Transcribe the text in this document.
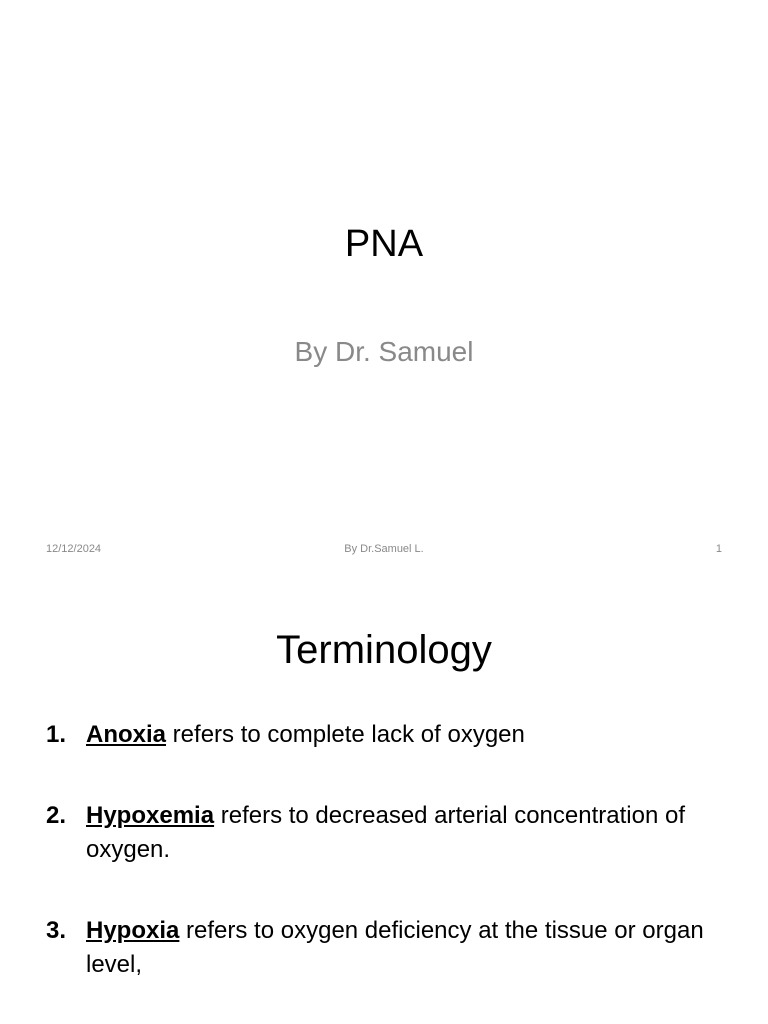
PNA
By Dr. Samuel
12/12/2024	By Dr.Samuel L.	1
Terminology
1. Anoxia refers to complete lack of oxygen
2. Hypoxemia refers to decreased arterial concentration of oxygen.
3. Hypoxia refers to oxygen deficiency at the tissue or organ level,
